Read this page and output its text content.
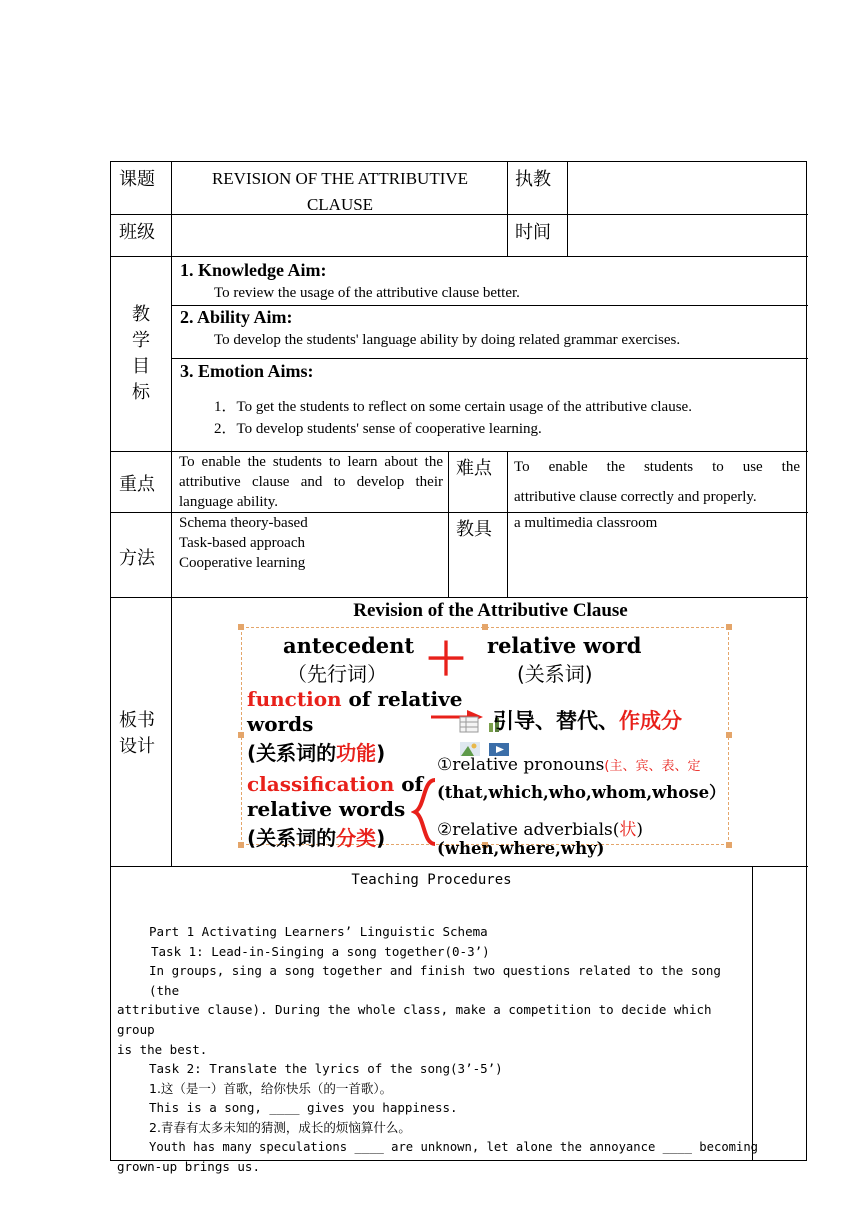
课题	REVISION OF THE ATTRIBUTIVE
CLAUSE
执教
班级	时间
教
学
目
标
1. Knowledge Aim:
To review the usage of the attributive clause better.
2. Ability Aim:
To develop the students' language ability by doing related grammar exercises.
3. Emotion Aims:
1．To get the students to reflect on some certain usage of the attributive clause.
2．To develop students' sense of cooperative learning.
重点
To enable the students to learn about the attributive clause and to develop their language ability.
难点 To enable the students to use the
attributive clause correctly and properly.
方法
Schema theory-based
Task-based approach
Cooperative learning
教具 a multimedia classroom
板书
设计
Revision of the Attributive Clause
antecedent
（先行词） ＋ relative word
(关系词)
function of relative
words
(关系词的功能)
引导、替代、作成分
classification of
relative words
(关系词的分类)
①relative pronouns(主、宾、表、定
(that,which,who,whom,whose）
②relative adverbials(状)
(when,where,why)
Teaching Procedures
Part 1 Activating Learners’ Linguistic Schema
Task 1: Lead-in-Singing a song together(0-3’)
In groups, sing a song together and finish two questions related to the song (the
attributive clause). During the whole class, make a competition to decide which group
is the best.
Task 2: Translate the lyrics of the song(3’-5’)
1.这（是一）首歌，给你快乐（的一首歌）。
This is a song, ____ gives you happiness.
2.青春有太多未知的猜测，成长的烦恼算什么。
Youth has many speculations ____ are unknown, let alone the annoyance ____ becoming
grown-up brings us.
